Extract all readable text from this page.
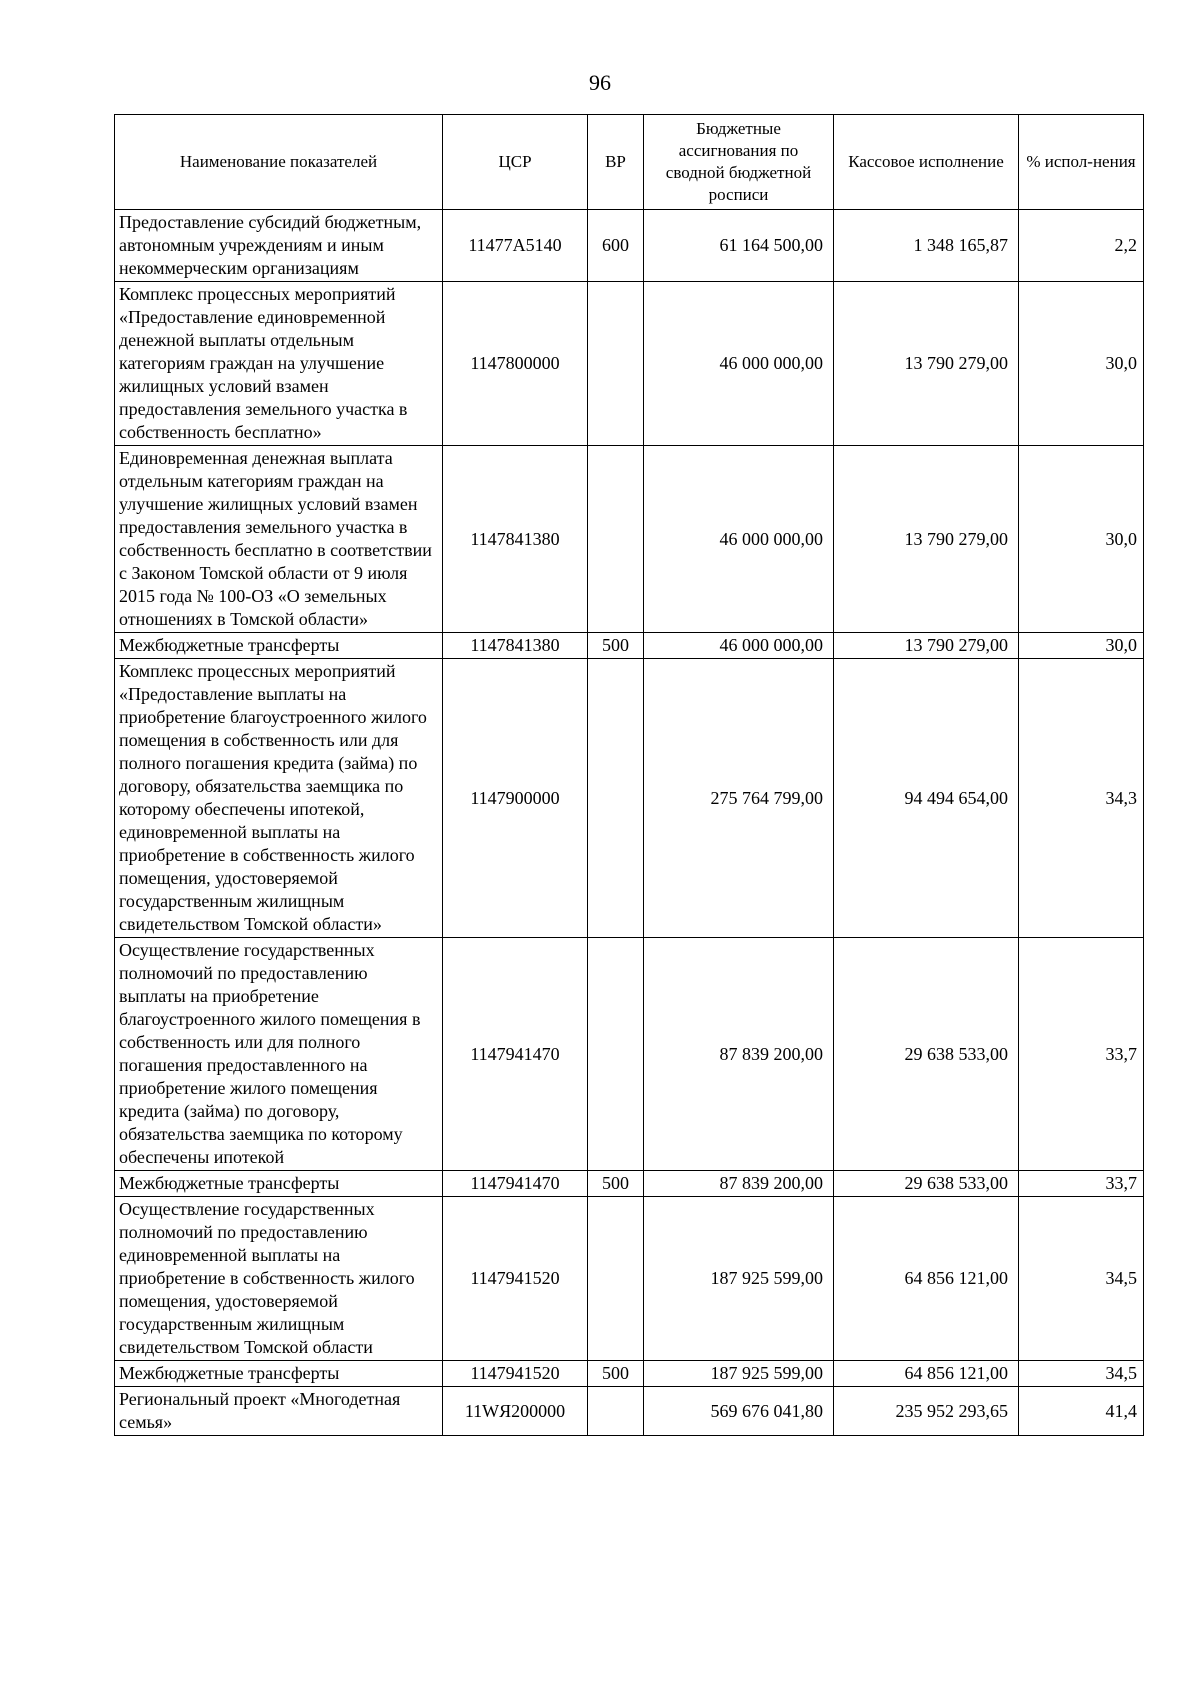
96
Наименование показателей	ЦСР	ВР	Бюджетные ассигнования по сводной бюджетной росписи	Кассовое исполнение	% испол-нения
Предоставление субсидий бюджетным, автономным учреждениям и иным некоммерческим организациям	11477А5140	600	61 164 500,00	1 348 165,87	2,2
Комплекс процессных мероприятий «Предоставление единовременной денежной выплаты отдельным категориям граждан на улучшение жилищных условий взамен предоставления земельного участка в собственность бесплатно»	1147800000		46 000 000,00	13 790 279,00	30,0
Единовременная денежная выплата отдельным категориям граждан на улучшение жилищных условий взамен предоставления земельного участка в собственность бесплатно в соответствии с Законом Томской области от 9 июля 2015 года № 100-ОЗ «О земельных отношениях в Томской области»	1147841380		46 000 000,00	13 790 279,00	30,0
Межбюджетные трансферты	1147841380	500	46 000 000,00	13 790 279,00	30,0
Комплекс процессных мероприятий «Предоставление выплаты на приобретение благоустроенного жилого помещения в собственность или для полного погашения кредита (займа) по договору, обязательства заемщика по которому обеспечены ипотекой, единовременной выплаты на приобретение в собственность жилого помещения, удостоверяемой государственным жилищным свидетельством Томской области»	1147900000		275 764 799,00	94 494 654,00	34,3
Осуществление государственных полномочий по предоставлению выплаты на приобретение благоустроенного жилого помещения в собственность или для полного погашения предоставленного на приобретение жилого помещения кредита (займа) по договору, обязательства заемщика по которому обеспечены ипотекой	1147941470		87 839 200,00	29 638 533,00	33,7
Межбюджетные трансферты	1147941470	500	87 839 200,00	29 638 533,00	33,7
Осуществление государственных полномочий по предоставлению единовременной выплаты на приобретение в собственность жилого помещения, удостоверяемой государственным жилищным свидетельством Томской области	1147941520		187 925 599,00	64 856 121,00	34,5
Межбюджетные трансферты	1147941520	500	187 925 599,00	64 856 121,00	34,5
Региональный проект «Многодетная семья»	11WЯ200000		569 676 041,80	235 952 293,65	41,4
